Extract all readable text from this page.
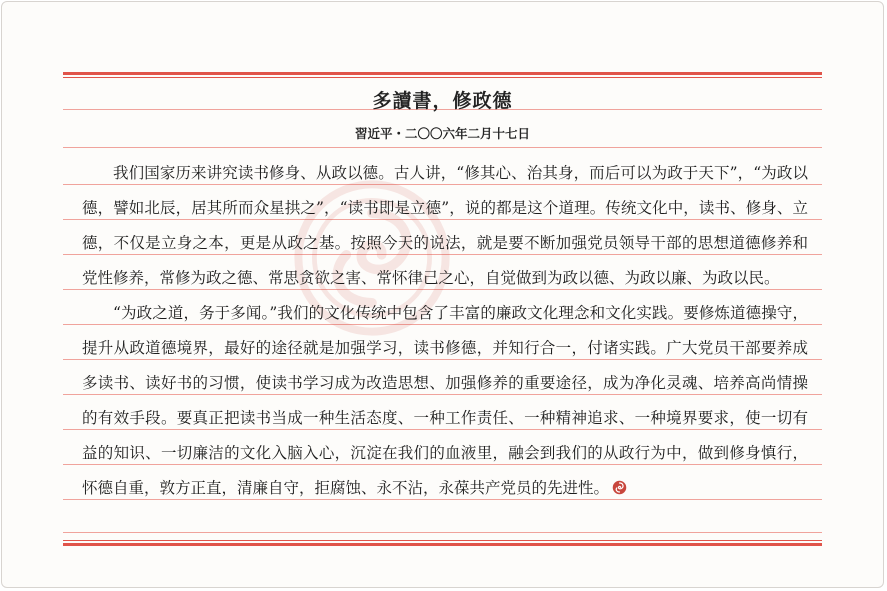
多讀書，修政德
習近平・二〇〇六年二月十七日

我们国家历来讲究读书修身、从政以德。古人讲，“修其心、治其身，而后可以为政于天下”，“为政以德，譬如北辰，居其所而众星拱之”，“读书即是立德”，说的都是这个道理。传统文化中，读书、修身、立德，不仅是立身之本，更是从政之基。按照今天的说法，就是要不断加强党员领导干部的思想道德修养和党性修养，常修为政之德、常思贪欲之害、常怀律己之心，自觉做到为政以德、为政以廉、为政以民。

“为政之道，务于多闻。”我们的文化传统中包含了丰富的廉政文化理念和文化实践。要修炼道德操守，提升从政道德境界，最好的途径就是加强学习，读书修德，并知行合一，付诸实践。广大党员干部要养成多读书、读好书的习惯，使读书学习成为改造思想、加强修养的重要途径，成为净化灵魂、培养高尚情操的有效手段。要真正把读书当成一种生活态度、一种工作责任、一种精神追求、一种境界要求，使一切有益的知识、一切廉洁的文化入脑入心，沉淀在我们的血液里，融会到我们的从政行为中，做到修身慎行，怀德自重，敦方正直，清廉自守，拒腐蚀、永不沾，永葆共产党员的先进性。
